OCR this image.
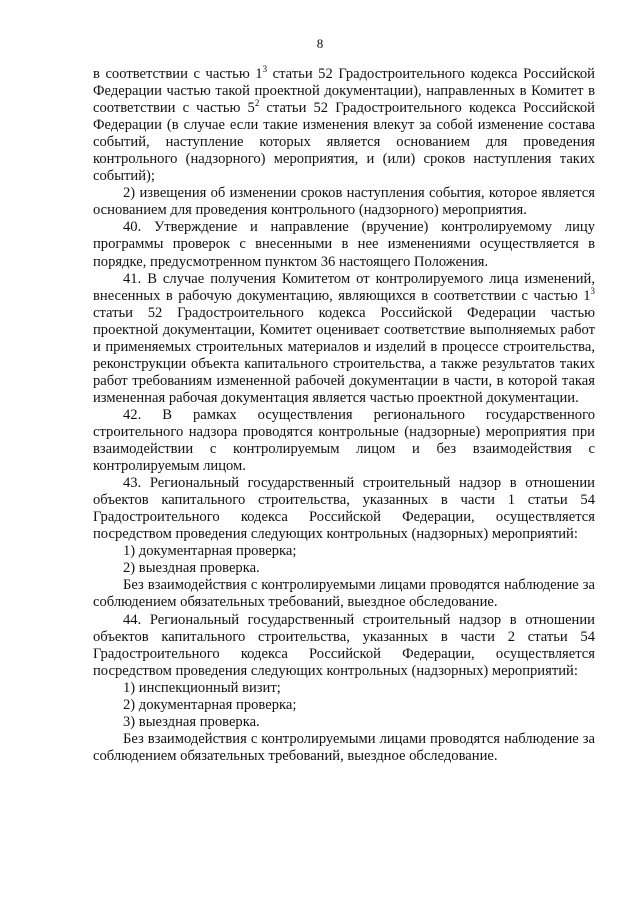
8

в соответствии с частью $1^3$ статьи 52 Градостроительного кодекса Российской Федерации частью такой проектной документации), направленных в Комитет в соответствии с частью $5^2$ статьи 52 Градостроительного кодекса Российской Федерации (в случае если такие изменения влекут за собой изменение состава событий, наступление которых является основанием для проведения контрольного (надзорного) мероприятия, и (или) сроков наступления таких событий);

2) извещения об изменении сроков наступления события, которое является основанием для проведения контрольного (надзорного) мероприятия.

40. Утверждение и направление (вручение) контролируемому лицу программы проверок с внесенными в нее изменениями осуществляется в порядке, предусмотренном пунктом 36 настоящего Положения.

41. В случае получения Комитетом от контролируемого лица изменений, внесенных в рабочую документацию, являющихся в соответствии с частью $1^3$ статьи 52 Градостроительного кодекса Российской Федерации частью проектной документации, Комитет оценивает соответствие выполняемых работ и применяемых строительных материалов и изделий в процессе строительства, реконструкции объекта капитального строительства, а также результатов таких работ требованиям измененной рабочей документации в части, в которой такая измененная рабочая документация является частью проектной документации.

42. В рамках осуществления регионального государственного строительного надзора проводятся контрольные (надзорные) мероприятия при взаимодействии с контролируемым лицом и без взаимодействия с контролируемым лицом.

43. Региональный государственный строительный надзор в отношении объектов капитального строительства, указанных в части 1 статьи 54 Градостроительного кодекса Российской Федерации, осуществляется посредством проведения следующих контрольных (надзорных) мероприятий:

1) документарная проверка;

2) выездная проверка.

Без взаимодействия с контролируемыми лицами проводятся наблюдение за соблюдением обязательных требований, выездное обследование.

44. Региональный государственный строительный надзор в отношении объектов капитального строительства, указанных в части 2 статьи 54 Градостроительного кодекса Российской Федерации, осуществляется посредством проведения следующих контрольных (надзорных) мероприятий:

1) инспекционный визит;

2) документарная проверка;

3) выездная проверка.

Без взаимодействия с контролируемыми лицами проводятся наблюдение за соблюдением обязательных требований, выездное обследование.
